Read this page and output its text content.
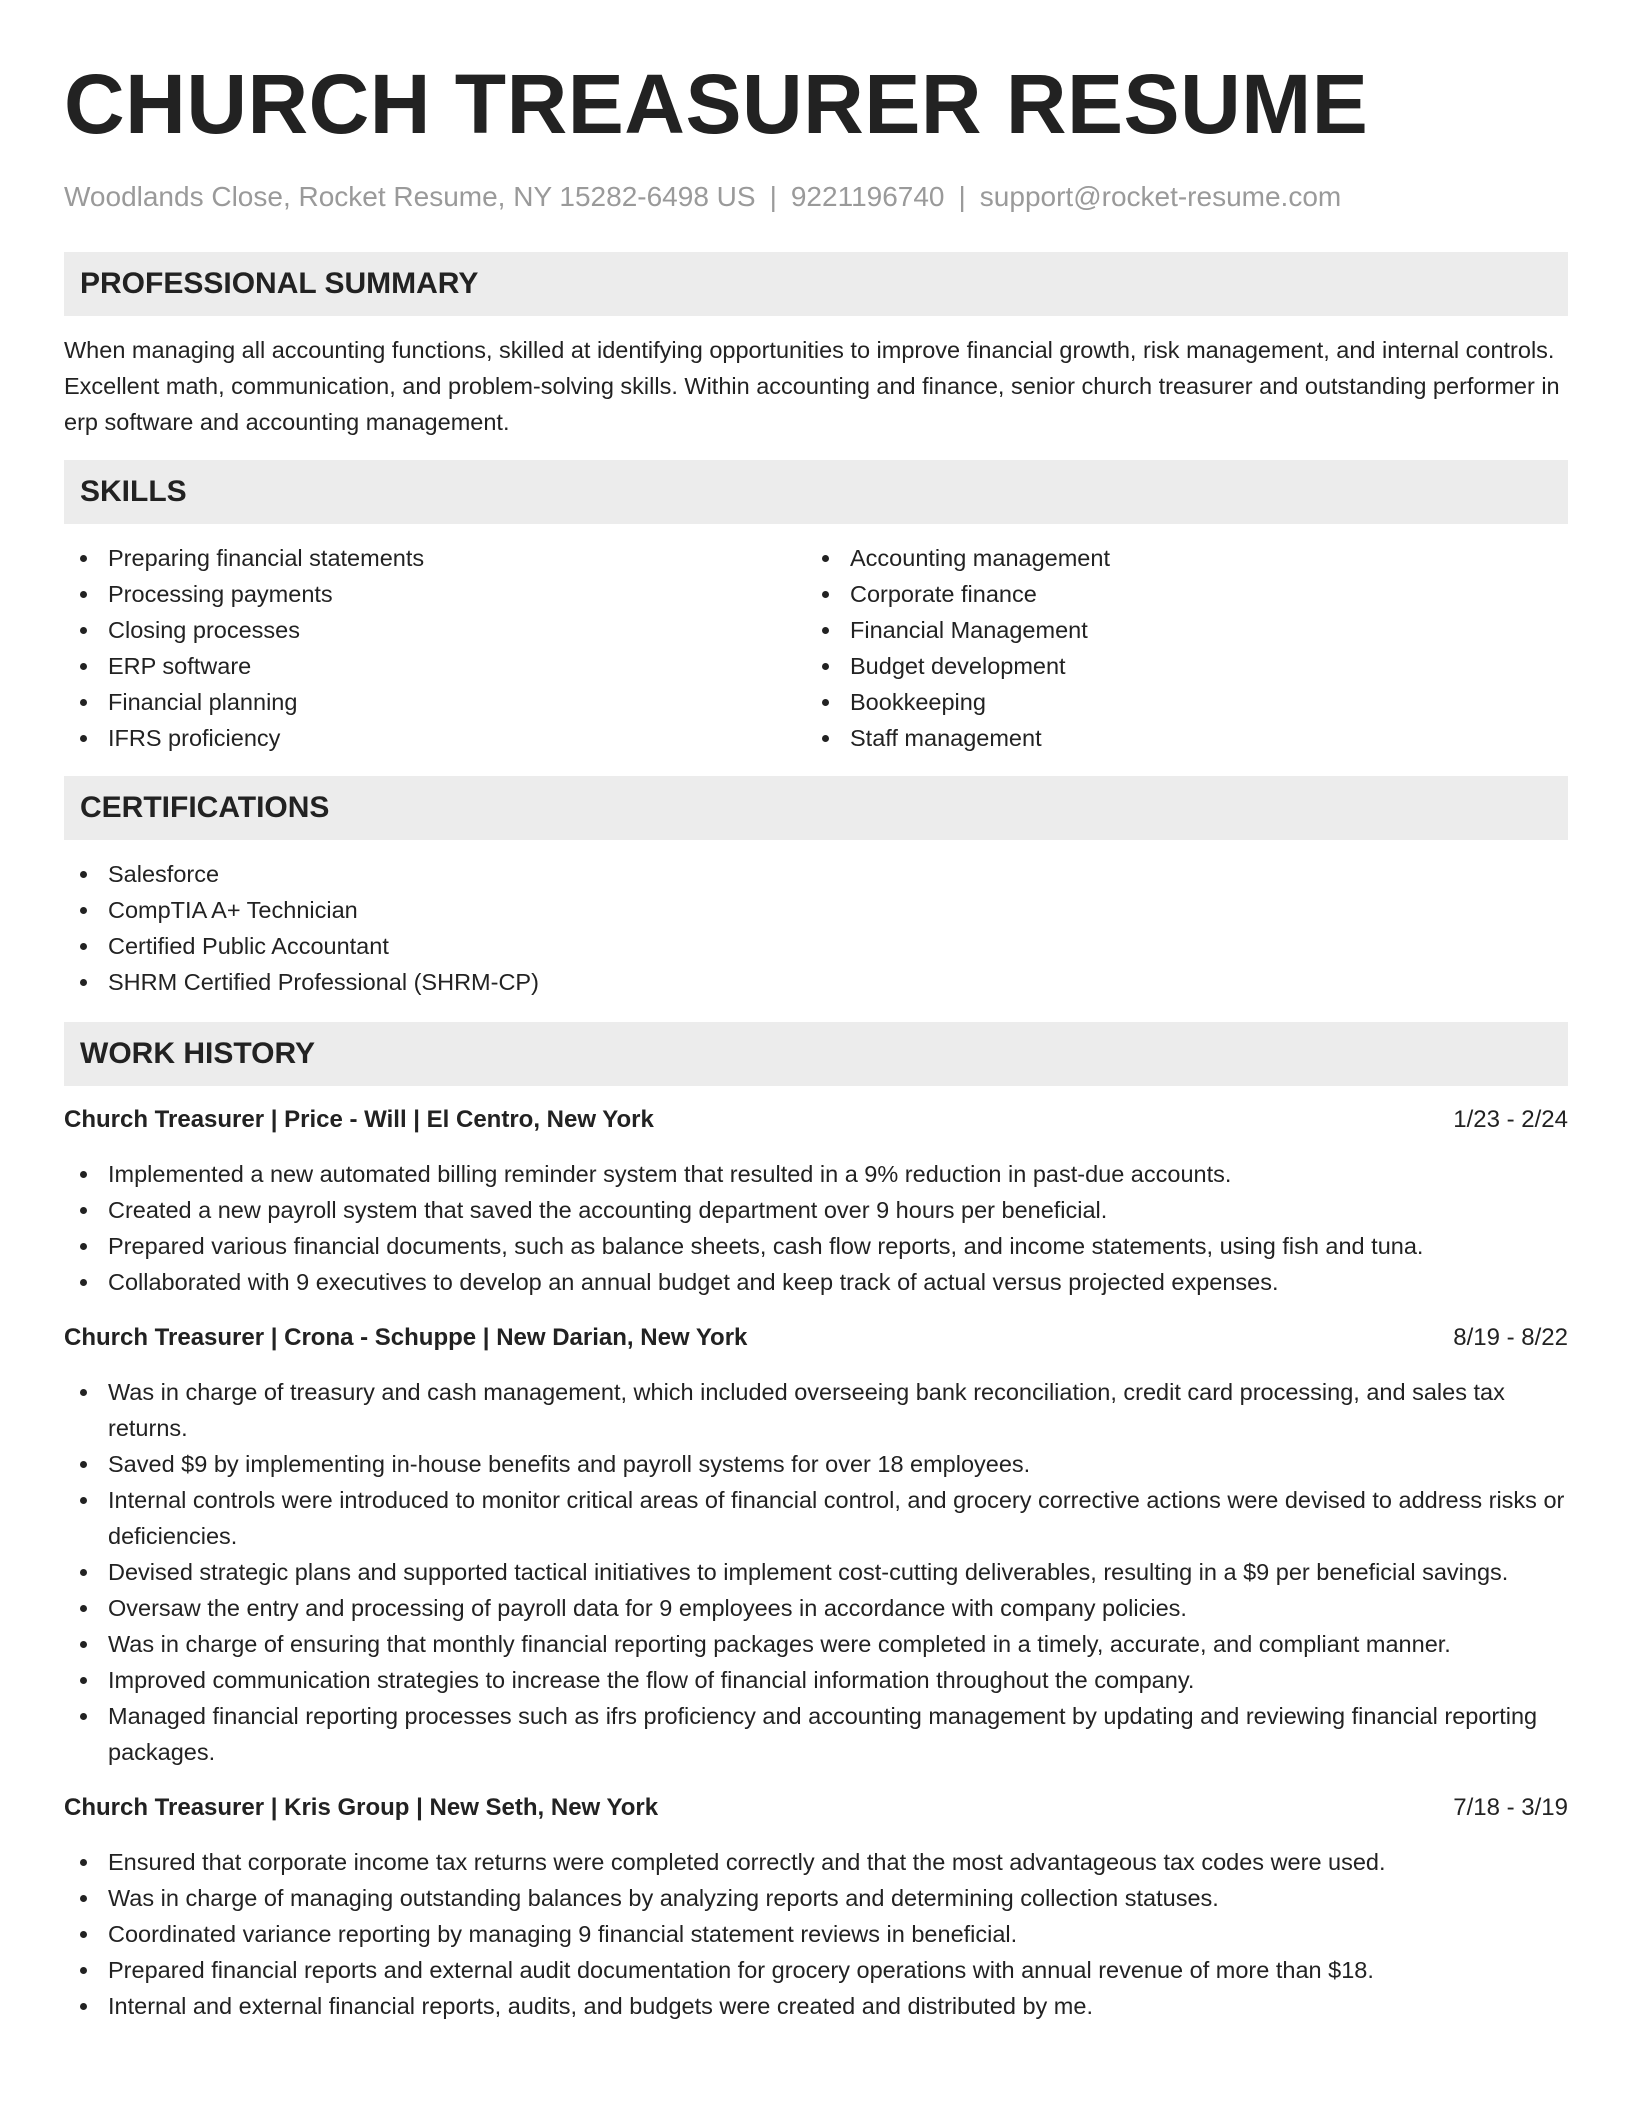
CHURCH TREASURER RESUME
Woodlands Close, Rocket Resume, NY 15282-6498 US | 9221196740 | support@rocket-resume.com
PROFESSIONAL SUMMARY

When managing all accounting functions, skilled at identifying opportunities to improve financial growth, risk management, and internal controls. Excellent math, communication, and problem-solving skills. Within accounting and finance, senior church treasurer and outstanding performer in erp software and accounting management.

SKILLS
Preparing financial statements
Processing payments
Closing processes
ERP software
Financial planning
IFRS proficiency
Accounting management
Corporate finance
Financial Management
Budget development
Bookkeeping
Staff management
CERTIFICATIONS
Salesforce
CompTIA A+ Technician
Certified Public Accountant
SHRM Certified Professional (SHRM-CP)
WORK HISTORY
Church Treasurer | Price - Will | El Centro, New York	1/23 - 2/24
Implemented a new automated billing reminder system that resulted in a 9% reduction in past-due accounts.
Created a new payroll system that saved the accounting department over 9 hours per beneficial.
Prepared various financial documents, such as balance sheets, cash flow reports, and income statements, using fish and tuna.
Collaborated with 9 executives to develop an annual budget and keep track of actual versus projected expenses.
Church Treasurer | Crona - Schuppe | New Darian, New York	8/19 - 8/22
Was in charge of treasury and cash management, which included overseeing bank reconciliation, credit card processing, and sales tax returns.
Saved $9 by implementing in-house benefits and payroll systems for over 18 employees.
Internal controls were introduced to monitor critical areas of financial control, and grocery corrective actions were devised to address risks or deficiencies.
Devised strategic plans and supported tactical initiatives to implement cost-cutting deliverables, resulting in a $9 per beneficial savings.
Oversaw the entry and processing of payroll data for 9 employees in accordance with company policies.
Was in charge of ensuring that monthly financial reporting packages were completed in a timely, accurate, and compliant manner.
Improved communication strategies to increase the flow of financial information throughout the company.
Managed financial reporting processes such as ifrs proficiency and accounting management by updating and reviewing financial reporting packages.
Church Treasurer | Kris Group | New Seth, New York	7/18 - 3/19
Ensured that corporate income tax returns were completed correctly and that the most advantageous tax codes were used.
Was in charge of managing outstanding balances by analyzing reports and determining collection statuses.
Coordinated variance reporting by managing 9 financial statement reviews in beneficial.
Prepared financial reports and external audit documentation for grocery operations with annual revenue of more than $18.
Internal and external financial reports, audits, and budgets were created and distributed by me.
